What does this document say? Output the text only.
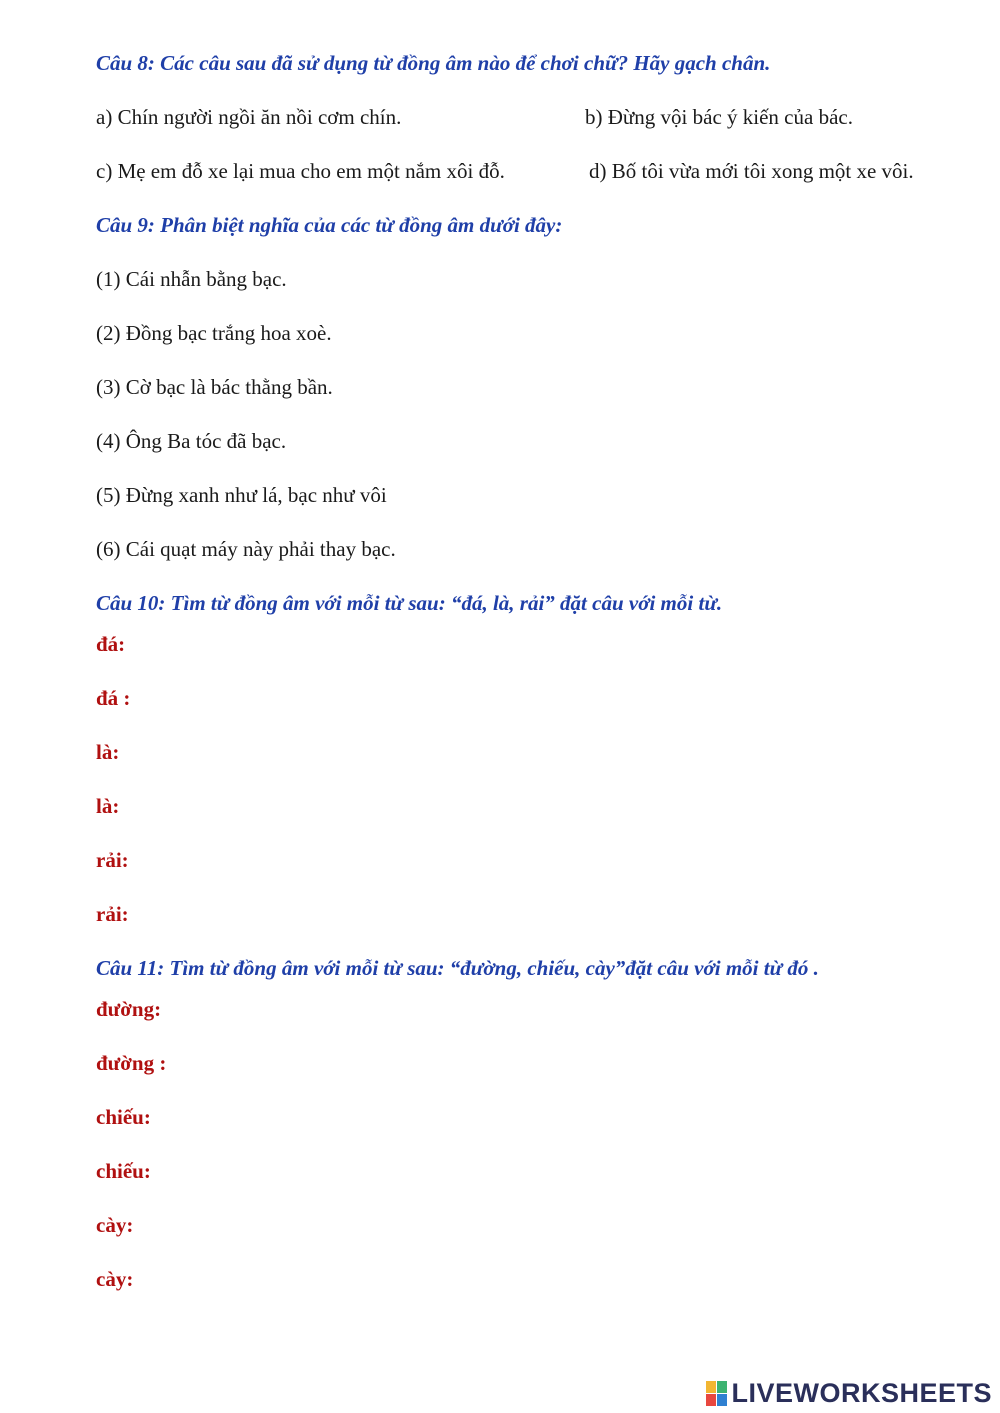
Câu 8: Các câu sau đã sử dụng từ đồng âm nào để chơi chữ? Hãy gạch chân.
a) Chín người ngồi ăn nồi cơm chín.	b) Đừng vội bác ý kiến của bác.
c) Mẹ em đỗ xe lại mua cho em một nắm xôi đỗ.	d) Bố tôi vừa mới tôi xong một xe vôi.
Câu 9: Phân biệt nghĩa của các từ đồng âm dưới đây:
(1) Cái nhẫn bằng bạc.
(2) Đồng bạc trắng hoa xoè.
(3) Cờ bạc là bác thằng bần.
(4) Ông Ba tóc đã bạc.
(5) Đừng xanh như lá, bạc như vôi
(6) Cái quạt máy này phải thay bạc.
Câu 10: Tìm từ đồng âm với mỗi từ sau: “đá, là, rải” đặt câu với mỗi từ.
đá:
đá :
là:
là:
rải:
rải:
Câu 11: Tìm từ đồng âm với mỗi từ sau: “đường, chiếu, cày”đặt câu với mỗi từ đó .
đường:
đường :
chiếu:
chiếu:
cày:
cày:
LIVEWORKSHEETS
